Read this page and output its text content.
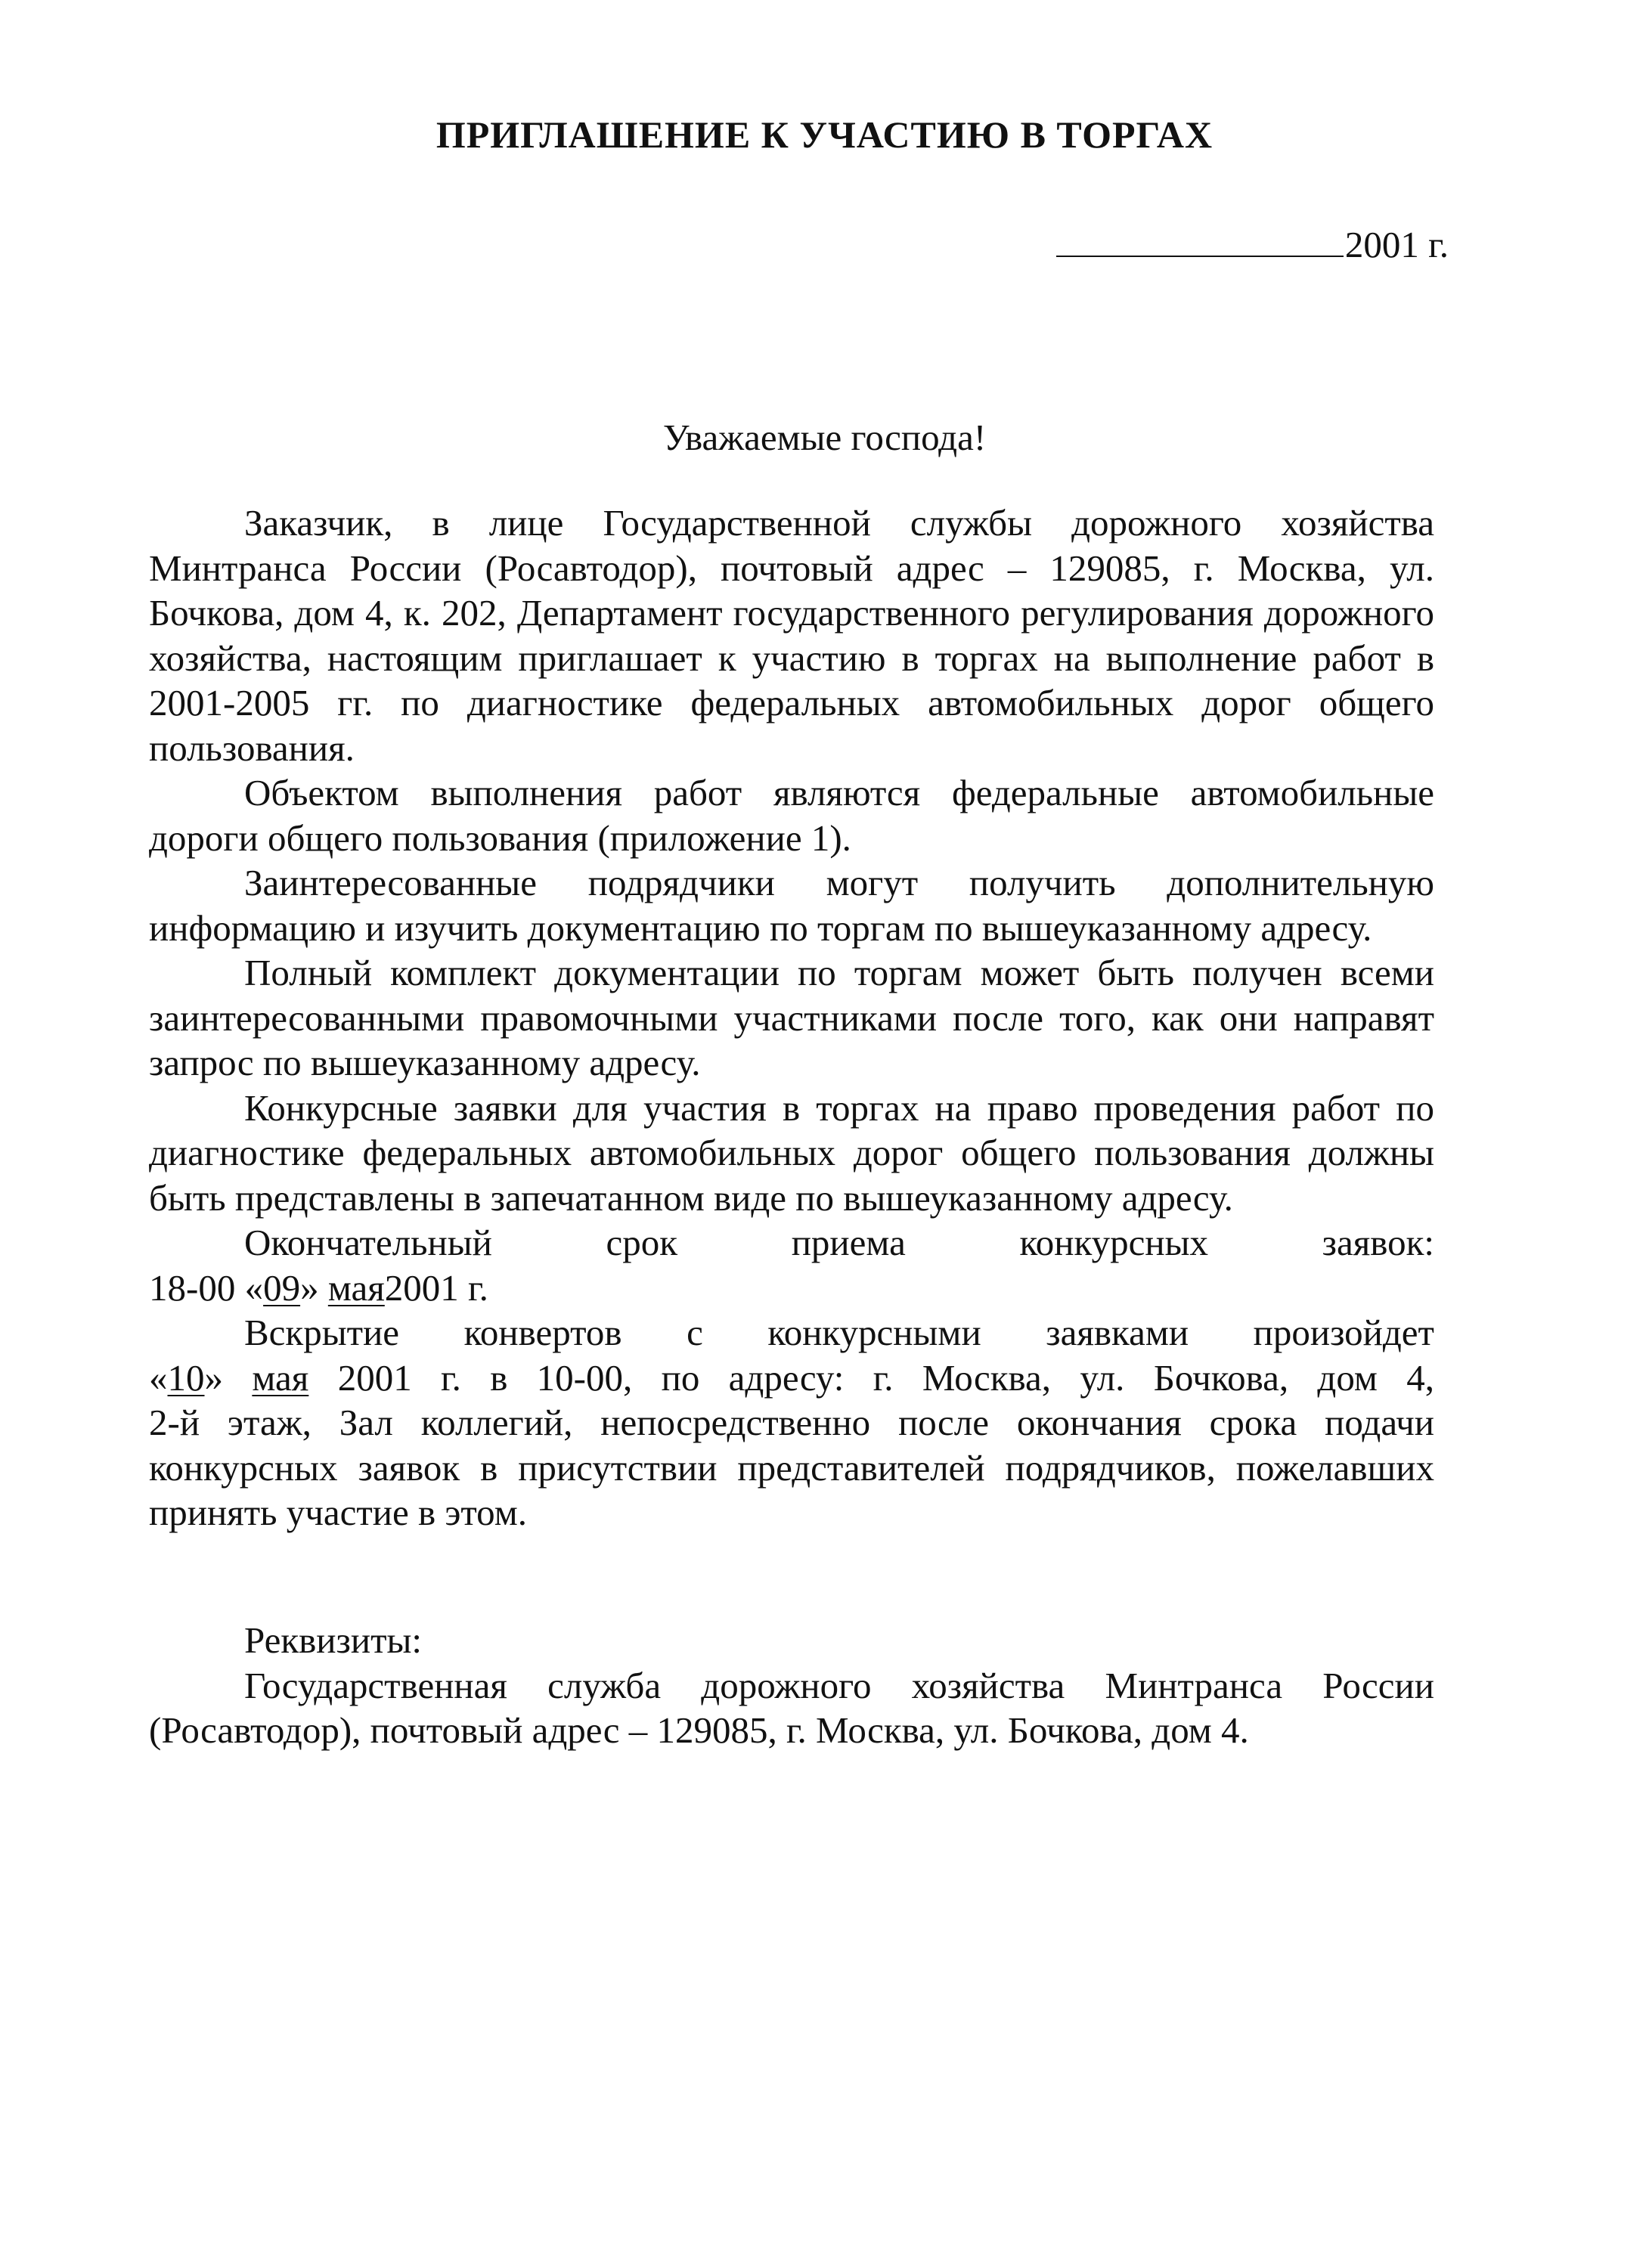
ПРИГЛАШЕНИЕ К УЧАСТИЮ В ТОРГАХ
2001 г.
Уважаемые господа!

Заказчик, в лице Государственной службы дорожного хозяйства Минтранса России (Росавтодор), почтовый адрес – 129085, г. Москва, ул. Бочкова, дом 4, к. 202, Департамент государственного регулирования дорожного хозяйства, настоящим приглашает к участию в торгах на выполнение работ в 2001-2005 гг. по диагностике федеральных автомобильных дорог общего пользования.

Объектом выполнения работ являются федеральные автомобильные дороги общего пользования (приложение 1).

Заинтересованные подрядчики могут получить дополнительную информацию и изучить документацию по торгам по вышеуказанному адресу.

Полный комплект документации по торгам может быть получен всеми заинтересованными правомочными участниками после того, как они направят запрос по вышеуказанному адресу.

Конкурсные заявки для участия в торгах на право проведения работ по диагностике федеральных автомобильных дорог общего пользования должны быть представлены в запечатанном виде по вышеуказанному адресу.

Окончательный	срок	приема	конкурсных	заявок:

18-00 «09» мая2001 г.

Вскрытие конвертов с конкурсными заявками произойдет

«10» мая 2001 г. в 10-00, по адресу: г. Москва, ул. Бочкова, дом 4,

2-й этаж, Зал коллегий, непосредственно после окончания срока подачи конкурсных заявок в присутствии представителей подрядчиков, пожелавших принять участие в этом.

Реквизиты:

Государственная служба дорожного хозяйства Минтранса России (Росавтодор), почтовый адрес – 129085, г. Москва, ул. Бочкова, дом 4.
